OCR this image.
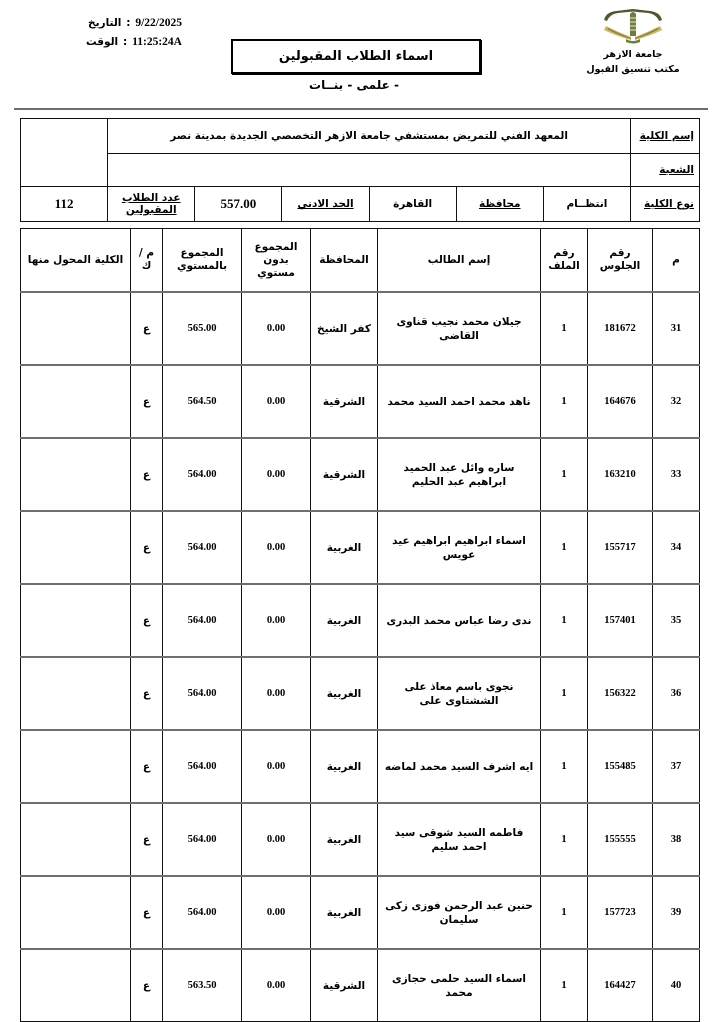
9/22/2025
:
التاريخ
11:25:24A
:
الوقت
جامعة الازهر
مكتب تنسيق القبول
اسماء الطلاب المقبولين
- علمى - بنــات
إسم الكلية	المعهد الفني للتمريض بمستشفي جامعة الازهر التخصصي الجديدة بمدينة نصر						
الشعبة							
نوع الكلية	انتظــام	محافظة	القاهرة	الحد الادني	557.00	عدد الطلاب المقبولين	112
م	رقم الجلوس	رقم الملف	إسم الطالب	المحافظة	المجموع بدون مستوي	المجموع بالمستوي	م / ك	الكلية المحول منها
31	181672	1	جيلان محمد نجيب قناوى القاضى	كفر الشيخ	0.00	565.00	ع	
32	164676	1	ناهد محمد احمد السيد محمد	الشرقية	0.00	564.50	ع	
33	163210	1	ساره وائل عبد الحميد ابراهيم عبد الحليم	الشرقية	0.00	564.00	ع	
34	155717	1	اسماء ابراهيم ابراهيم عيد عويس	الغربية	0.00	564.00	ع	
35	157401	1	ندى رضا عباس محمد البدرى	الغربية	0.00	564.00	ع	
36	156322	1	نجوى باسم معاذ على الششتاوى على	الغربية	0.00	564.00	ع	
37	155485	1	ايه اشرف السيد محمد لماضه	الغربية	0.00	564.00	ع	
38	155555	1	فاطمه السيد شوقى سيد احمد سليم	الغربية	0.00	564.00	ع	
39	157723	1	حنين عبد الرحمن فوزى زكى سليمان	الغربية	0.00	564.00	ع	
40	164427	1	اسماء السيد حلمى حجازى محمد	الشرقية	0.00	563.50	ع	
